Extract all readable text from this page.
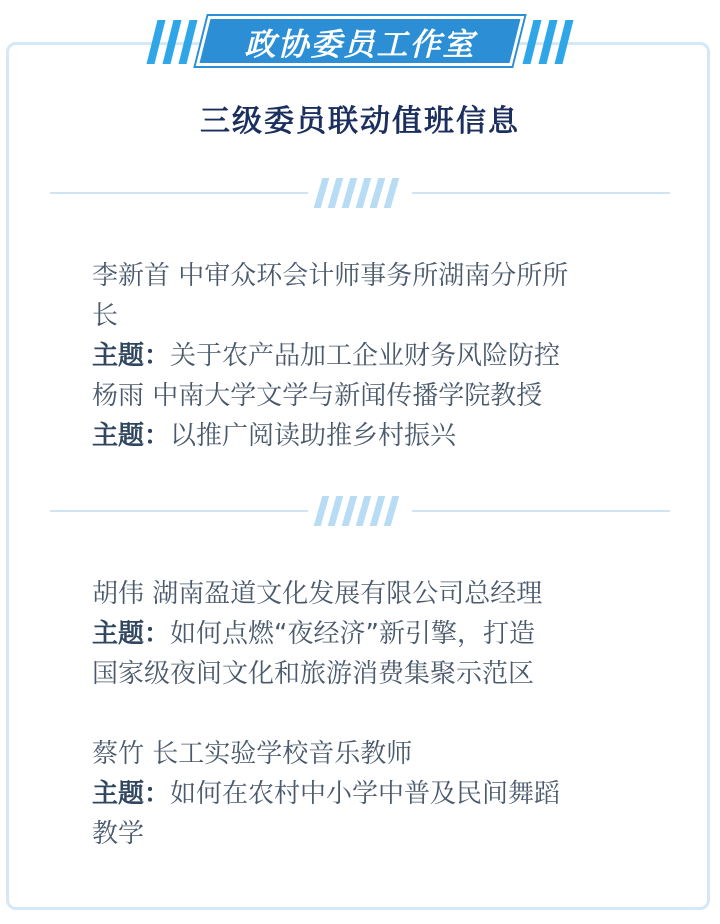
政协委员工作室
三级委员联动值班信息

李新首 中审众环会计师事务所湖南分所所

长

主题：关于农产品加工企业财务风险防控

杨雨 中南大学文学与新闻传播学院教授

主题：以推广阅读助推乡村振兴

胡伟 湖南盈道文化发展有限公司总经理

主题：如何点燃“夜经济”新引擎，打造

国家级夜间文化和旅游消费集聚示范区

蔡竹 长工实验学校音乐教师

主题：如何在农村中小学中普及民间舞蹈

教学
